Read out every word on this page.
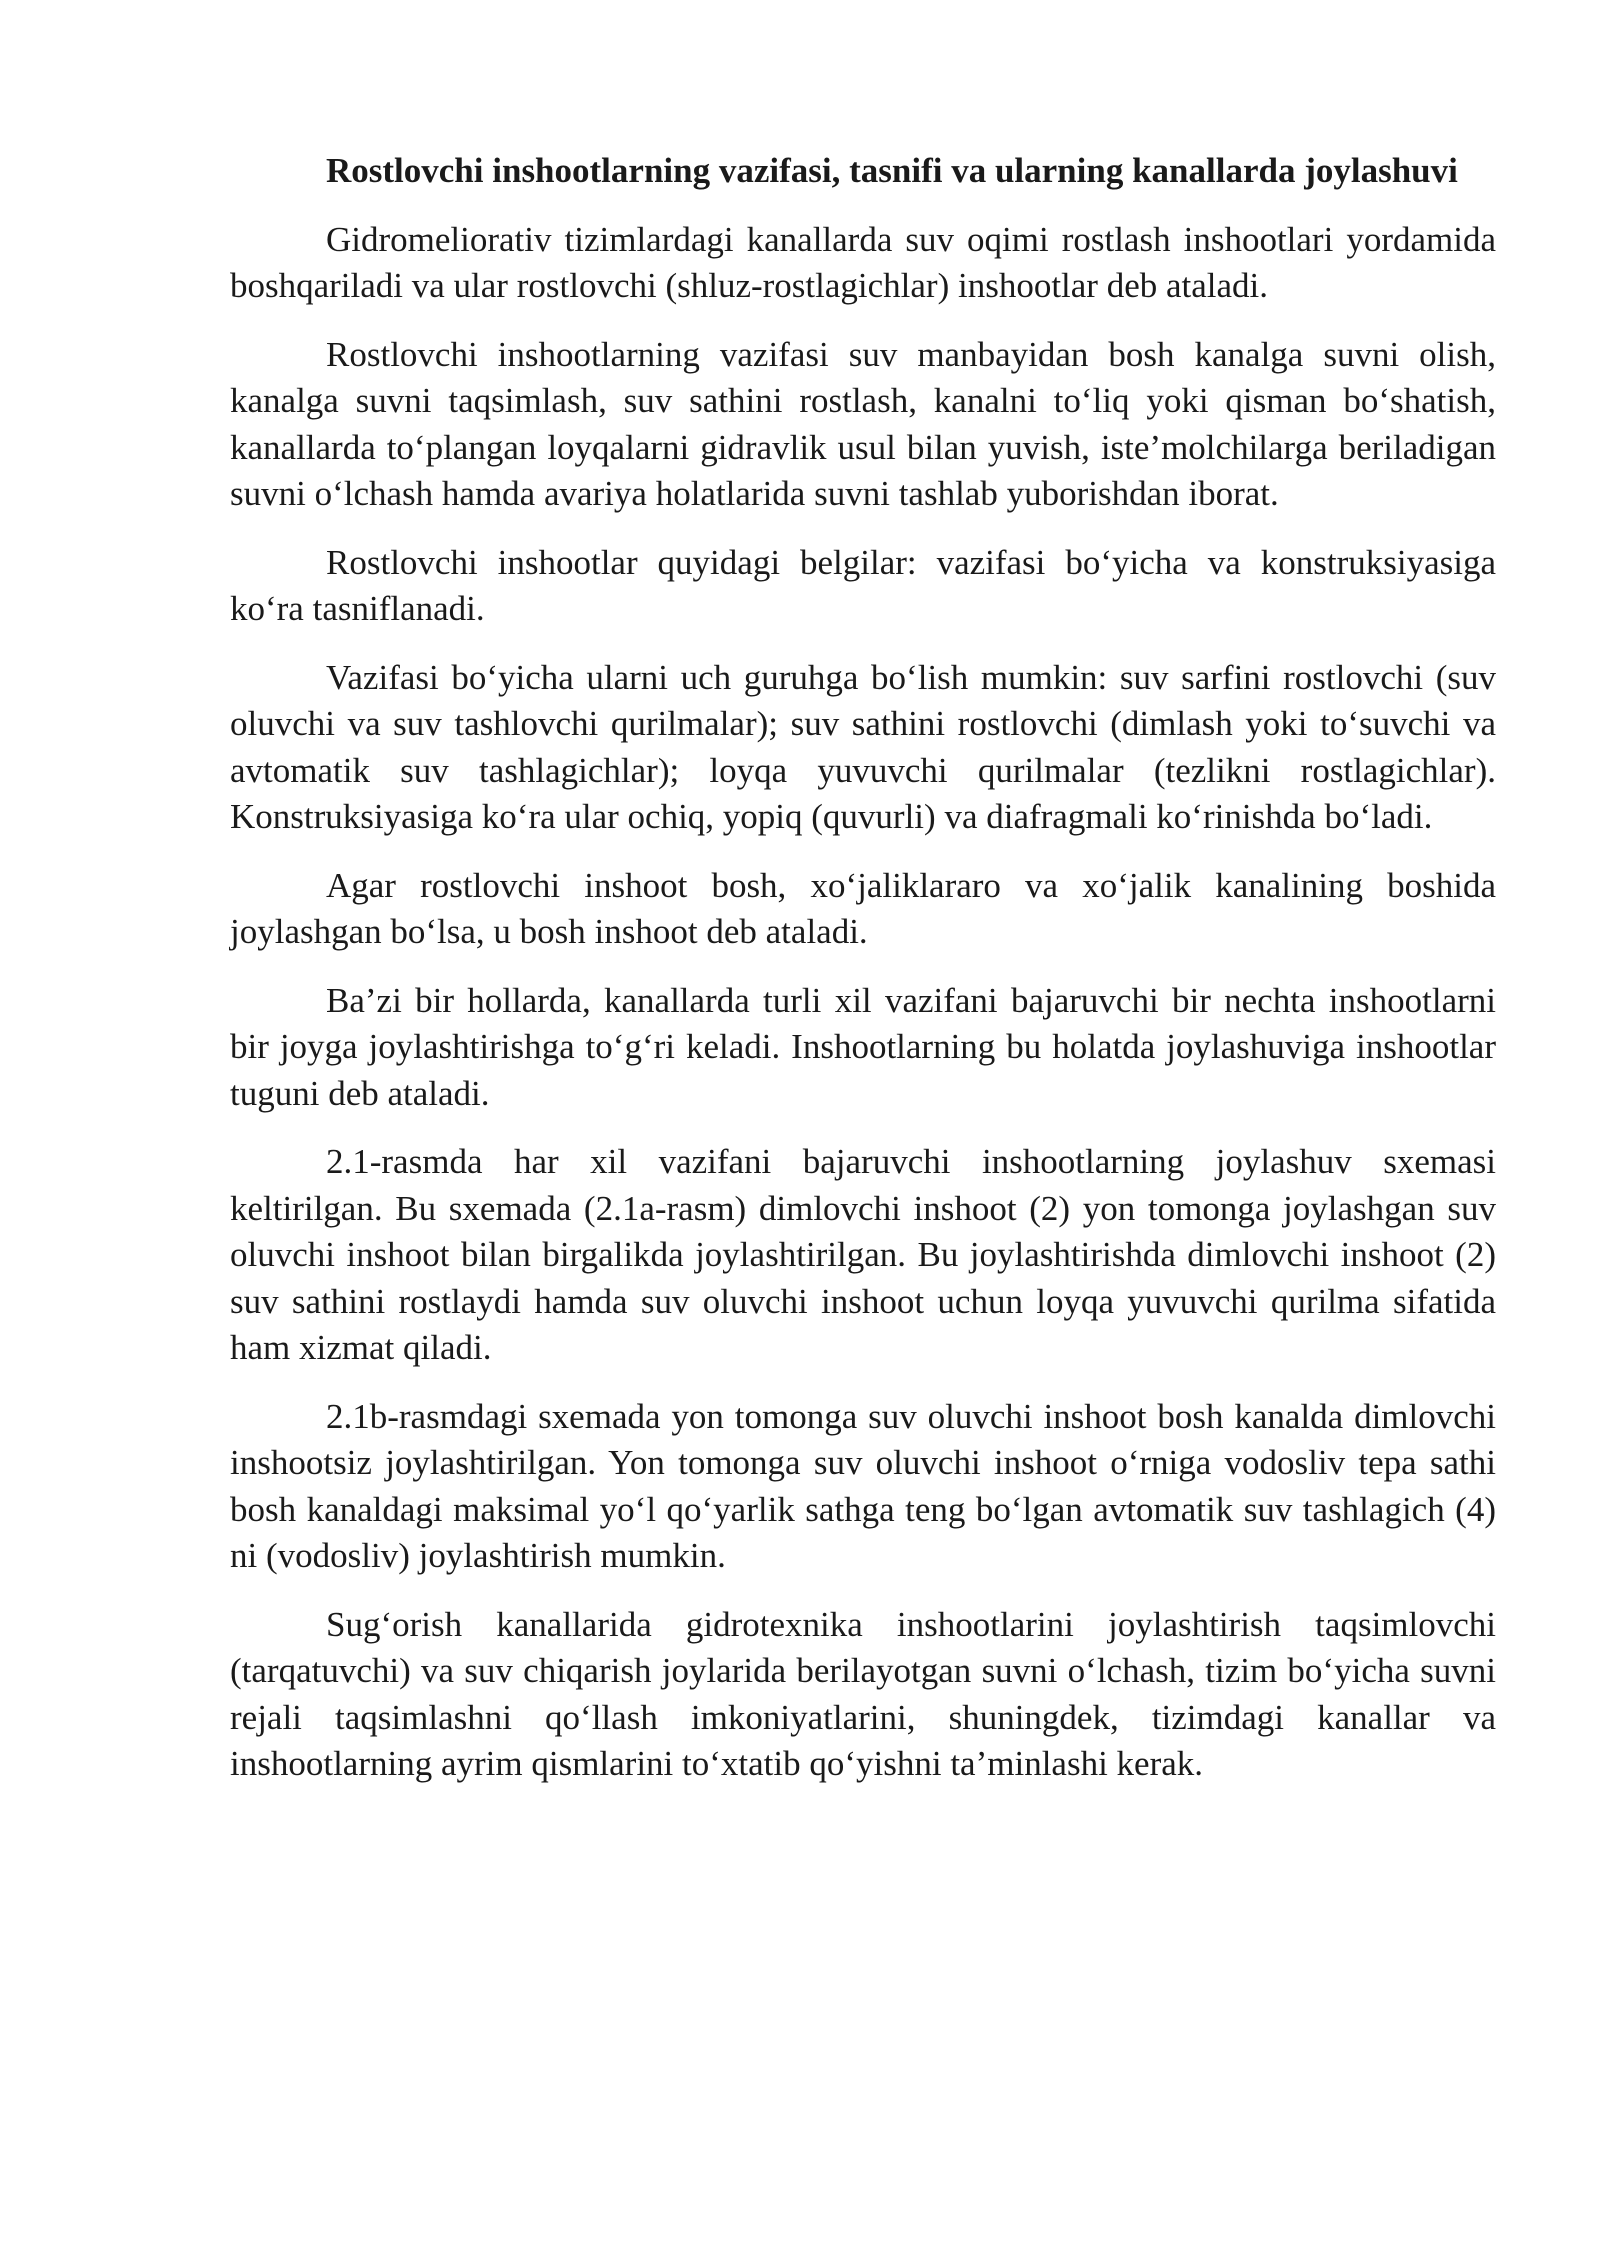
Rostlovchi inshootlarning vazifasi, tasnifi va ularning kanallarda joylashuvi

Gidromeliorativ tizimlardagi kanallarda suv oqimi rostlash inshootlari yordamida boshqariladi va ular rostlovchi (shluz-rostlagichlar) inshootlar deb ataladi.

Rostlovchi inshootlarning vazifasi suv manbayidan bosh kanalga suvni olish, kanalga suvni taqsimlash, suv sathini rostlash, kanalni to‘liq yoki qisman bo‘shatish, kanallarda to‘plangan loyqalarni gidravlik usul bilan yuvish, iste’molchilarga beriladigan suvni o‘lchash hamda avariya holatlarida suvni tashlab yuborishdan iborat.

Rostlovchi inshootlar quyidagi belgilar: vazifasi bo‘yicha va konstruksiyasiga ko‘ra tasniflanadi.

Vazifasi bo‘yicha ularni uch guruhga bo‘lish mumkin: suv sarfini rostlovchi (suv oluvchi va suv tashlovchi qurilmalar); suv sathini rostlovchi (dimlash yoki to‘suvchi va avtomatik suv tashlagichlar); loyqa yuvuvchi qurilmalar (tezlikni rostlagichlar). Konstruksiyasiga ko‘ra ular ochiq, yopiq (quvurli) va diafragmali ko‘rinishda bo‘ladi.

Agar rostlovchi inshoot bosh, xo‘jaliklararo va xo‘jalik kanalining boshida joylashgan bo‘lsa, u bosh inshoot deb ataladi.

Ba’zi bir hollarda, kanallarda turli xil vazifani bajaruvchi bir nechta inshootlarni bir joyga joylashtirishga to‘g‘ri keladi. Inshootlarning bu holatda joylashuviga inshootlar tuguni deb ataladi.

2.1-rasmda har xil vazifani bajaruvchi inshootlarning joylashuv sxemasi keltirilgan. Bu sxemada (2.1a-rasm) dimlovchi inshoot (2) yon tomonga joylashgan suv oluvchi inshoot bilan birgalikda joylashtirilgan. Bu joylashtirishda dimlovchi inshoot (2) suv sathini rostlaydi hamda suv oluvchi inshoot uchun loyqa yuvuvchi qurilma sifatida ham xizmat qiladi.

2.1b-rasmdagi sxemada yon tomonga suv oluvchi inshoot bosh kanalda dimlovchi inshootsiz joylashtirilgan. Yon tomonga suv oluvchi inshoot o‘rniga vodosliv tepa sathi bosh kanaldagi maksimal yo‘l qo‘yarlik sathga teng bo‘lgan avtomatik suv tashlagich (4) ni (vodosliv) joylashtirish mumkin.

Sug‘orish kanallarida gidrotexnika inshootlarini joylashtirish taqsimlovchi (tarqatuvchi) va suv chiqarish joylarida berilayotgan suvni o‘lchash, tizim bo‘yicha suvni rejali taqsimlashni qo‘llash imkoniyatlarini, shuningdek, tizimdagi kanallar va inshootlarning ayrim qismlarini to‘xtatib qo‘yishni ta’minlashi kerak.
